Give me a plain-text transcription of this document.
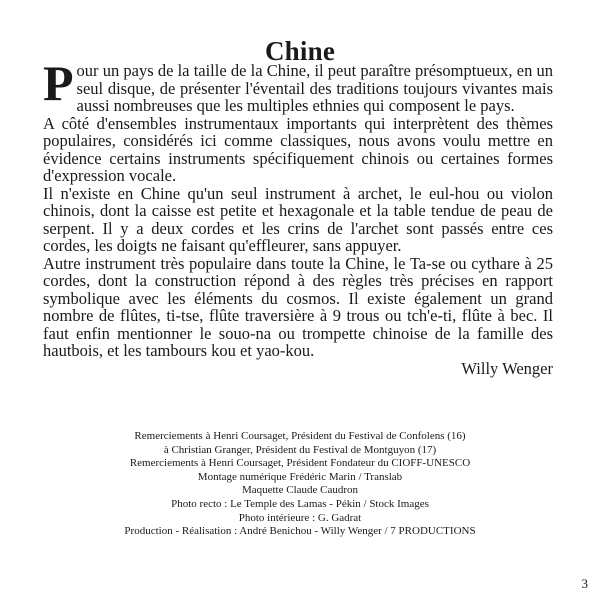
Chine

Pour un pays de la taille de la Chine, il peut paraître présomptueux, en un seul disque, de présenter l'éventail des traditions toujours vivantes mais aussi nombreuses que les multiples ethnies qui composent le pays.

A côté d'ensembles instrumentaux importants qui interprètent des thèmes populaires, considérés ici comme classiques, nous avons voulu mettre en évidence certains instruments spécifiquement chinois ou certaines formes d'expression vocale.

Il n'existe en Chine qu'un seul instrument à archet, le eul-hou ou violon chinois, dont la caisse est petite et hexagonale et la table tendue de peau de serpent. Il y a deux cordes et les crins de l'archet sont passés entre ces cordes, les doigts ne faisant qu'effleurer, sans appuyer.

Autre instrument très populaire dans toute la Chine, le Ta-se ou cythare à 25 cordes, dont la construction répond à des règles très précises en rapport symbolique avec les éléments du cosmos. Il existe également un grand nombre de flûtes, ti-tse, flûte traversière à 9 trous ou tch'e-ti, flûte à bec. Il faut enfin mentionner le souo-na ou trompette chinoise de la famille des hautbois, et les tambours kou et yao-kou.

Willy Wenger

Remerciements à Henri Coursaget, Président du Festival de Confolens (16)
à Christian Granger, Président du Festival de Montguyon (17)
Remerciements à Henri Coursaget, Président Fondateur du CIOFF-UNESCO
Montage numérique Frédéric Marin / Translab
Maquette Claude Caudron
Photo recto : Le Temple des Lamas - Pékin / Stock Images
Photo intérieure : G. Gadrat
Production - Réalisation : André Benichou - Willy Wenger / 7 PRODUCTIONS
3
